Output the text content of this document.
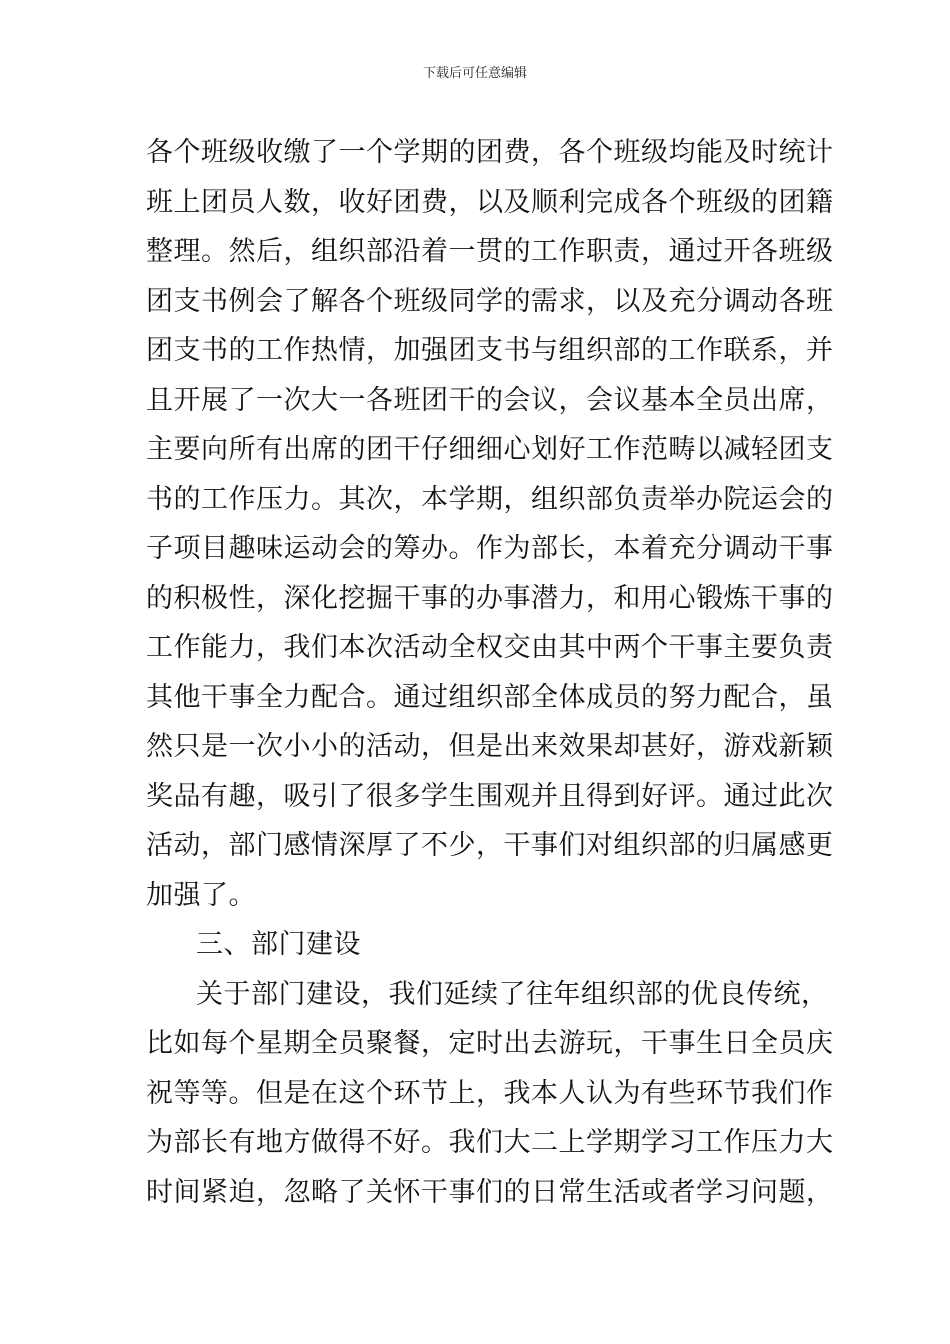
下载后可任意编辑
各个班级收缴了一个学期的团费，各个班级均能及时统计
班上团员人数，收好团费，以及顺利完成各个班级的团籍
整理。然后，组织部沿着一贯的工作职责，通过开各班级
团支书例会了解各个班级同学的需求，以及充分调动各班
团支书的工作热情，加强团支书与组织部的工作联系，并
且开展了一次大一各班团干的会议，会议基本全员出席，
主要向所有出席的团干仔细细心划好工作范畴以减轻团支
书的工作压力。其次，本学期，组织部负责举办院运会的
子项目趣味运动会的筹办。作为部长，本着充分调动干事
的积极性，深化挖掘干事的办事潜力，和用心锻炼干事的
工作能力，我们本次活动全权交由其中两个干事主要负责
其他干事全力配合。通过组织部全体成员的努力配合，虽
然只是一次小小的活动，但是出来效果却甚好，游戏新颖
奖品有趣，吸引了很多学生围观并且得到好评。通过此次
活动，部门感情深厚了不少，干事们对组织部的归属感更
加强了。
三、部门建设
关于部门建设，我们延续了往年组织部的优良传统，
比如每个星期全员聚餐，定时出去游玩，干事生日全员庆
祝等等。但是在这个环节上，我本人认为有些环节我们作
为部长有地方做得不好。我们大二上学期学习工作压力大
时间紧迫，忽略了关怀干事们的日常生活或者学习问题，
